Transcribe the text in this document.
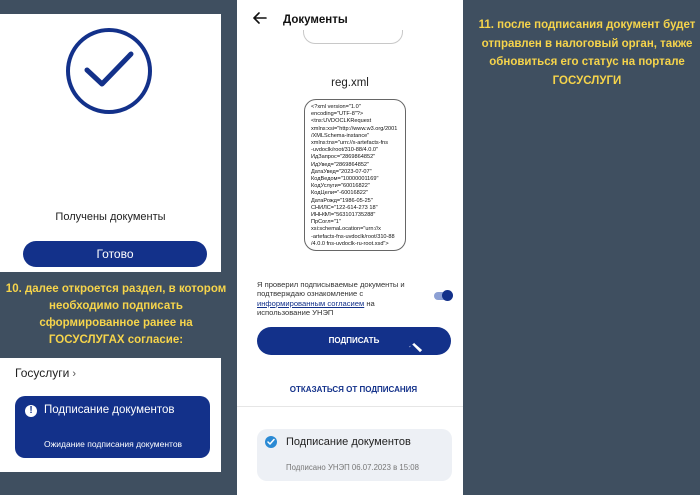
Получены документы
Готово
10. далее откроется раздел, в котором необходимо подписать сформированное ранее на ГОСУСЛУГАХ согласие:
Госуслуги ›
! Подписание документов
Ожидание подписания документов
Документы
reg.xml
<?xml version="1.0"
encoding="UTF-8"?>
<tns:UVDOCLKRequest
xmlns:xsi="http://www.w3.org/2001
/XMLSchema-instance"
xmlns:tns="urn://x-artefacts-fns
-uvdoclk/root/310-88/4.0.0"
ИдЗапрос="2869864852"
ИдУвед="2869864852"
ДатаУвед="2023-07-07"
КодВедом="10000001169"
КодУслуги="60016822"
КодЦели="-60016822"
ДатаРожд="1986-05-25"
СНИЛС="122-614-273 18"
ИННФЛ="563101735288"
ПрСогл="1"
xsi:schemaLocation="urn://x
-artefacts-fns-uvdoclk/root/310-88
/4.0.0 fns-uvdoclk-ru-root.xsd">
Я проверил подписываемые документы и подтверждаю ознакомление с информированным согласием на использование УНЭП
ПОДПИСАТЬ
ОТКАЗАТЬСЯ ОТ ПОДПИСАНИЯ
Подписание документов
Подписано УНЭП 06.07.2023 в 15:08
11. после подписания документ будет отправлен в налоговый орган, также обновиться его статус на портале ГОСУСЛУГИ
